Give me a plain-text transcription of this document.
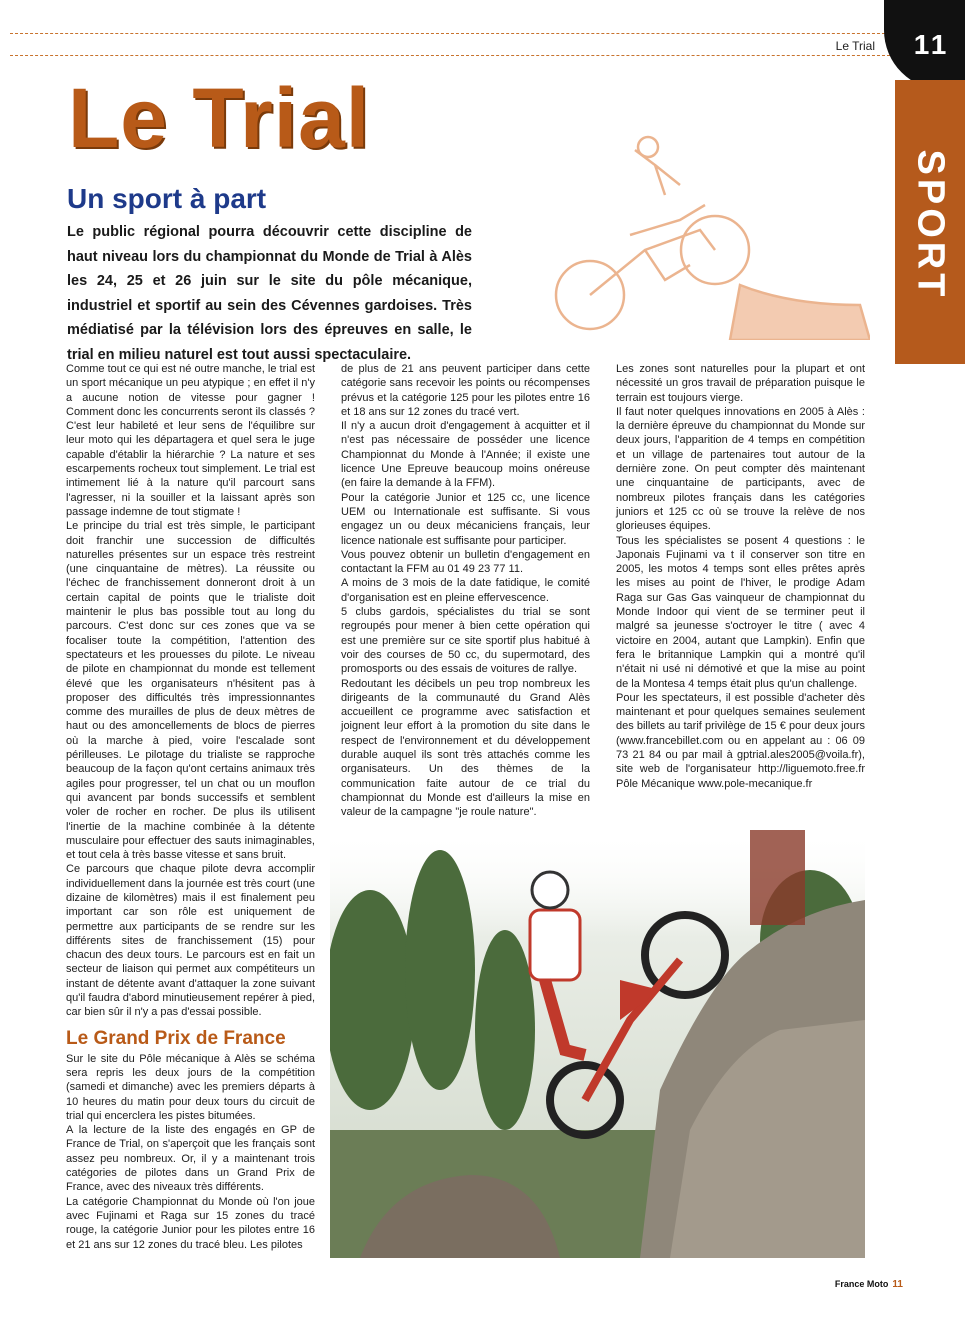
Le Trial	11
SPORT
Le Trial
Un sport à part
Le public régional pourra découvrir cette discipline de haut niveau lors du championnat du Monde de Trial à Alès les 24, 25 et 26 juin sur le site du pôle mécanique, industriel et sportif au sein des Cévennes gardoises. Très médiatisé par la télévision lors des épreuves en salle, le trial en milieu naturel est tout aussi spectaculaire.

Comme tout ce qui est né outre manche, le trial est un sport mécanique un peu atypique ; en effet il n'y a aucune notion de vitesse pour gagner ! Comment donc les concurrents seront ils classés ? C'est leur habileté et leur sens de l'équilibre sur leur moto qui les départagera et quel sera le juge capable d'établir la hiérarchie ? La nature et ses escarpements rocheux tout simplement. Le trial est intimement lié à la nature qu'il parcourt sans l'agresser, ni la souiller et la laissant après son passage indemne de tout stigmate !

Le principe du trial est très simple, le participant doit franchir une succession de difficultés naturelles présentes sur un espace très restreint (une cinquantaine de mètres). La réussite ou l'échec de franchissement donneront droit à un certain capital de points que le trialiste doit maintenir le plus bas possible tout au long du parcours. C'est donc sur ces zones que va se focaliser toute la compétition, l'attention des spectateurs et les prouesses du pilote. Le niveau de pilote en championnat du monde est tellement élevé que les organisateurs n'hésitent pas à proposer des difficultés très impressionnantes comme des murailles de plus de deux mètres de haut ou des amoncellements de blocs de pierres où la marche à pied, voire l'escalade sont périlleuses. Le pilotage du trialiste se rapproche beaucoup de la façon qu'ont certains animaux très agiles pour progresser, tel un chat ou un mouflon qui avancent par bonds successifs et semblent voler de rocher en rocher. De plus ils utilisent l'inertie de la machine combinée à la détente musculaire pour effectuer des sauts inimaginables, et tout cela à très basse vitesse et sans bruit.

Ce parcours que chaque pilote devra accomplir individuellement dans la journée est très court (une dizaine de kilomètres) mais il est finalement peu important car son rôle est uniquement de permettre aux participants de se rendre sur les différents sites de franchissement (15) pour chacun des deux tours. Le parcours est en fait un secteur de liaison qui permet aux compétiteurs un instant de détente avant d'attaquer la zone suivant qu'il faudra d'abord minutieusement repérer à pied, car bien sûr il n'y a pas d'essai possible.

Le Grand Prix de France

Sur le site du Pôle mécanique à Alès se schéma sera repris les deux jours de la compétition (samedi et dimanche) avec les premiers départs à 10 heures du matin pour deux tours du circuit de trial qui encerclera les pistes bitumées.

A la lecture de la liste des engagés en GP de France de Trial, on s'aperçoit que les français sont assez peu nombreux. Or, il y a maintenant trois catégories de pilotes dans un Grand Prix de France, avec des niveaux très différents.

La catégorie Championnat du Monde où l'on joue avec Fujinami et Raga sur 15 zones du tracé rouge, la catégorie Junior pour les pilotes entre 16 et 21 ans sur 12 zones du tracé bleu. Les pilotes

de plus de 21 ans peuvent participer dans cette catégorie sans recevoir les points ou récompenses prévus et la catégorie 125 pour les pilotes entre 16 et 18 ans sur 12 zones du tracé vert.

Il n'y a aucun droit d'engagement à acquitter et il n'est pas nécessaire de posséder une licence Championnat du Monde à l'Année; il existe une licence Une Epreuve beaucoup moins onéreuse (en faire la demande à la FFM).

Pour la catégorie Junior et 125 cc, une licence UEM ou Internationale est suffisante. Si vous engagez un ou deux mécaniciens français, leur licence nationale est suffisante pour participer.

Vous pouvez obtenir un bulletin d'engagement en contactant la FFM au 01 49 23 77 11.

A moins de 3 mois de la date fatidique, le comité d'organisation est en pleine effervescence.

5 clubs gardois, spécialistes du trial se sont regroupés pour mener à bien cette opération qui est une première sur ce site sportif plus habitué à voir des courses de 50 cc, du supermotard, des promosports ou des essais de voitures de rallye.

Redoutant les décibels un peu trop nombreux les dirigeants de la communauté du Grand Alès accueillent ce programme avec satisfaction et joignent leur effort à la promotion du site dans le respect de l'environnement et du développement durable auquel ils sont très attachés comme les organisateurs. Un des thèmes de la communication faite autour de ce trial du championnat du Monde est d'ailleurs la mise en valeur de la campagne "je roule nature".

Les zones sont naturelles pour la plupart et ont nécessité un gros travail de préparation puisque le terrain est toujours vierge.

Il faut noter quelques innovations en 2005 à Alès : la dernière épreuve du championnat du Monde sur deux jours, l'apparition de 4 temps en compétition et un village de partenaires tout autour de la dernière zone. On peut compter dès maintenant une cinquantaine de participants, avec de nombreux pilotes français dans les catégories juniors et 125 cc où se trouve la relève de nos glorieuses équipes.

Tous les spécialistes se posent 4 questions : le Japonais Fujinami va t il conserver son titre en 2005, les motos 4 temps sont elles prêtes après les mises au point de l'hiver, le prodige Adam Raga sur Gas Gas vainqueur de championnat du Monde Indoor qui vient de se terminer peut il malgré sa jeunesse s'octroyer le titre ( avec 4 victoire en 2004, autant que Lampkin). Enfin que fera le britannique Lampkin qui a montré qu'il n'était ni usé ni démotivé et que la mise au point de la Montesa 4 temps était plus qu'un challenge.

Pour les spectateurs, il est possible d'acheter dès maintenant et pour quelques semaines seulement des billets au tarif privilège de 15 € pour deux jours (www.francebillet.com ou en appelant au : 06 09 73 21 84 ou par mail à gptrial.ales2005@voila.fr), site web de l'organisateur http://liguemoto.free.fr Pôle Mécanique www.pole-mecanique.fr

France Moto 11
